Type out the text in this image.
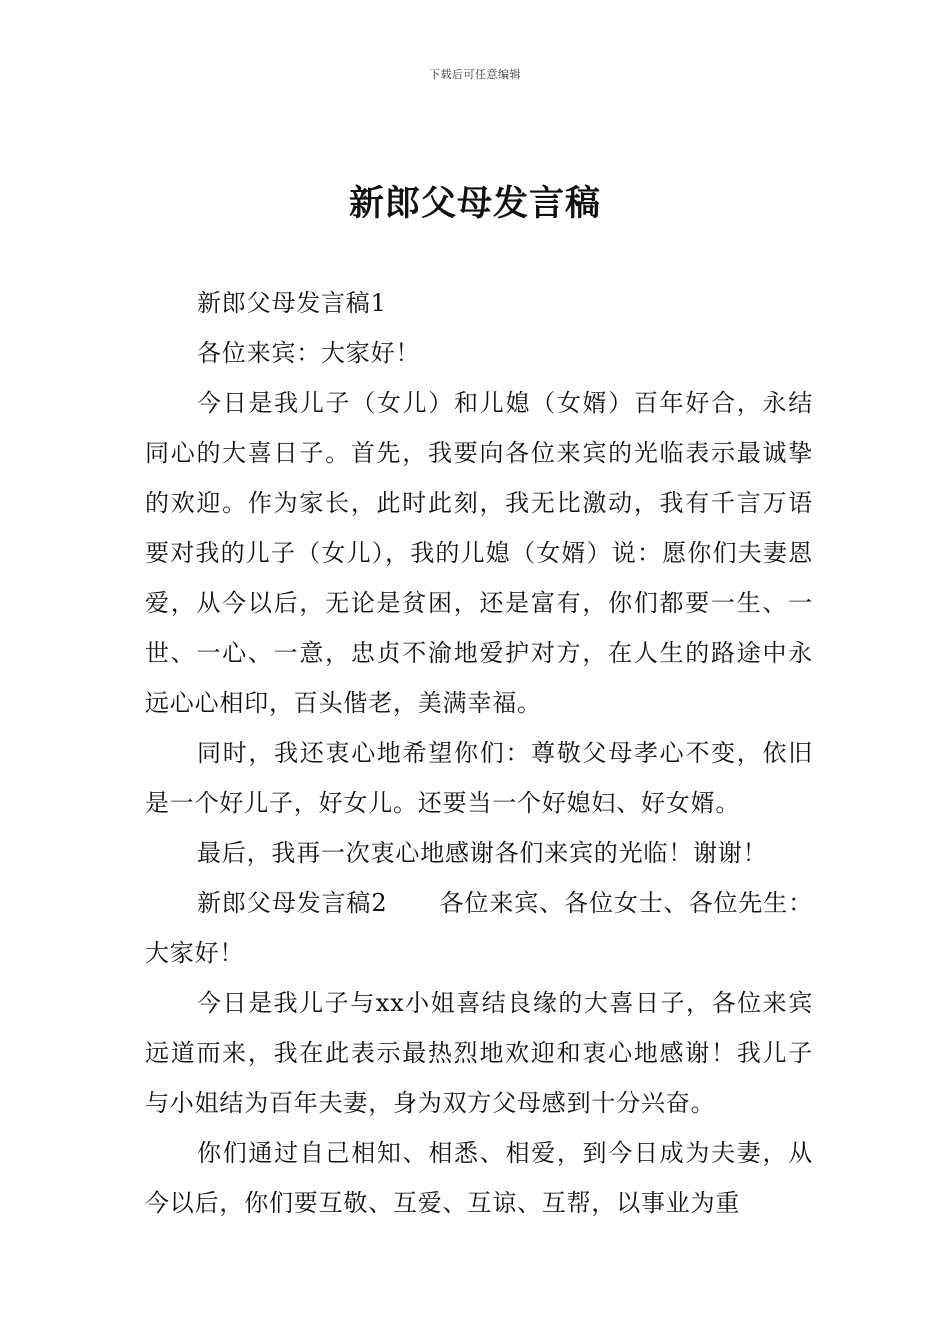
下载后可任意编辑
新郎父母发言稿

新郎父母发言稿1

各位来宾：大家好！

今日是我儿子（女儿）和儿媳（女婿）百年好合，永结同心的大喜日子。首先，我要向各位来宾的光临表示最诚挚的欢迎。作为家长，此时此刻，我无比激动，我有千言万语要对我的儿子（女儿），我的儿媳（女婿）说：愿你们夫妻恩爱，从今以后，无论是贫困，还是富有，你们都要一生、一世、一心、一意，忠贞不渝地爱护对方，在人生的路途中永远心心相印，百头偕老，美满幸福。

同时，我还衷心地希望你们：尊敬父母孝心不变，依旧是一个好儿子，好女儿。还要当一个好媳妇、好女婿。

最后，我再一次衷心地感谢各们来宾的光临！谢谢！

新郎父母发言稿2 各位来宾、各位女士、各位先生：大家好！

今日是我儿子与xx小姐喜结良缘的大喜日子，各位来宾远道而来，我在此表示最热烈地欢迎和衷心地感谢！我儿子与小姐结为百年夫妻，身为双方父母感到十分兴奋。

你们通过自己相知、相悉、相爱，到今日成为夫妻，从今以后，你们要互敬、互爱、互谅、互帮，以事业为重
